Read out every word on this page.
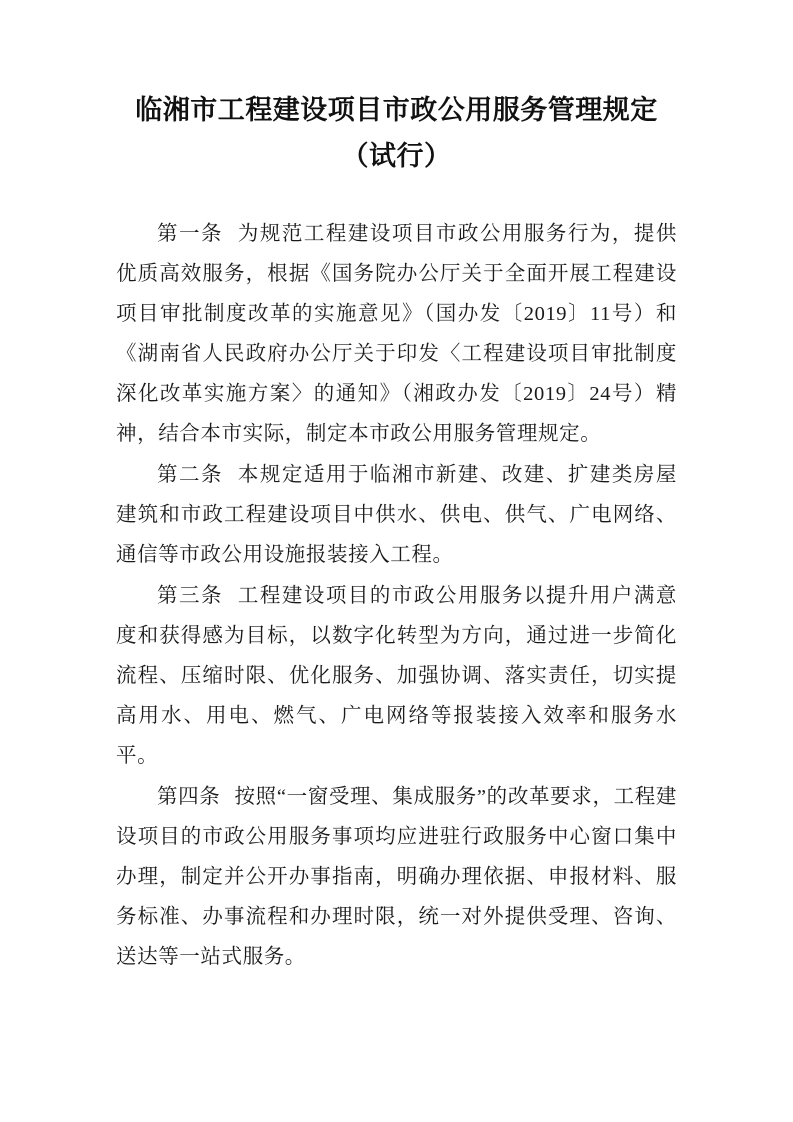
临湘市工程建设项目市政公用服务管理规定（试行）

第一条 为规范工程建设项目市政公用服务行为，提供优质高效服务，根据《国务院办公厅关于全面开展工程建设项目审批制度改革的实施意见》（国办发〔2019〕11号）和《湖南省人民政府办公厅关于印发〈工程建设项目审批制度深化改革实施方案〉的通知》（湘政办发〔2019〕24号）精神，结合本市实际，制定本市政公用服务管理规定。

第二条 本规定适用于临湘市新建、改建、扩建类房屋建筑和市政工程建设项目中供水、供电、供气、广电网络、通信等市政公用设施报装接入工程。

第三条 工程建设项目的市政公用服务以提升用户满意度和获得感为目标，以数字化转型为方向，通过进一步简化流程、压缩时限、优化服务、加强协调、落实责任，切实提高用水、用电、燃气、广电网络等报装接入效率和服务水平。

第四条 按照“一窗受理、集成服务”的改革要求，工程建设项目的市政公用服务事项均应进驻行政服务中心窗口集中办理，制定并公开办事指南，明确办理依据、申报材料、服务标准、办事流程和办理时限，统一对外提供受理、咨询、送达等一站式服务。
